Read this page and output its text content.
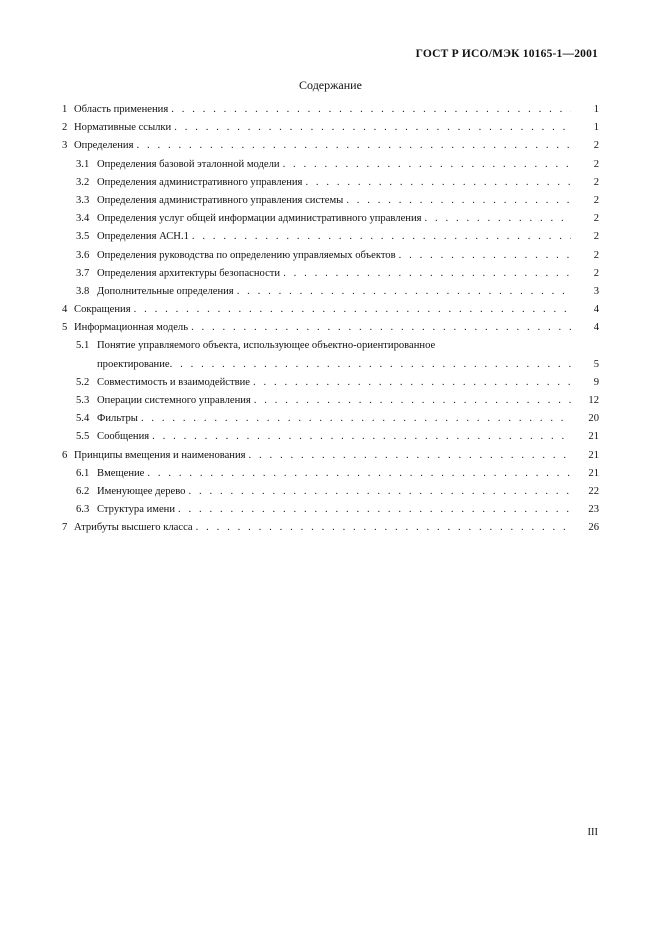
ГОСТ Р ИСО/МЭК 10165-1—2001
Содержание
1 Область применения . . .	1
2 Нормативные ссылки . . .	1
3 Определения . . .	2
3.1 Определения базовой эталонной модели . . .	2
3.2 Определения административного управления . . .	2
3.3 Определения административного управления системы . . .	2
3.4 Определения услуг общей информации административного управления . . .	2
3.5 Определения АСН.1 . . .	2
3.6 Определения руководства по определению управляемых объектов . . .	2
3.7 Определения архитектуры безопасности . . .	2
3.8 Дополнительные определения . . .	3
4 Сокращения . . .	4
5 Информационная модель . . .	4
5.1 Понятие управляемого объекта, использующее объектно-ориентированное
проектирование . . .	5
5.2 Совместимость и взаимодействие . . .	9
5.3 Операции системного управления . . .	12
5.4 Фильтры . . .	20
5.5 Сообщения . . .	21
6 Принципы вмещения и наименования . . .	21
6.1 Вмещение . . .	21
6.2 Именующее дерево . . .	22
6.3 Структура имени . . .	23
7 Атрибуты высшего класса . . .	26
III
